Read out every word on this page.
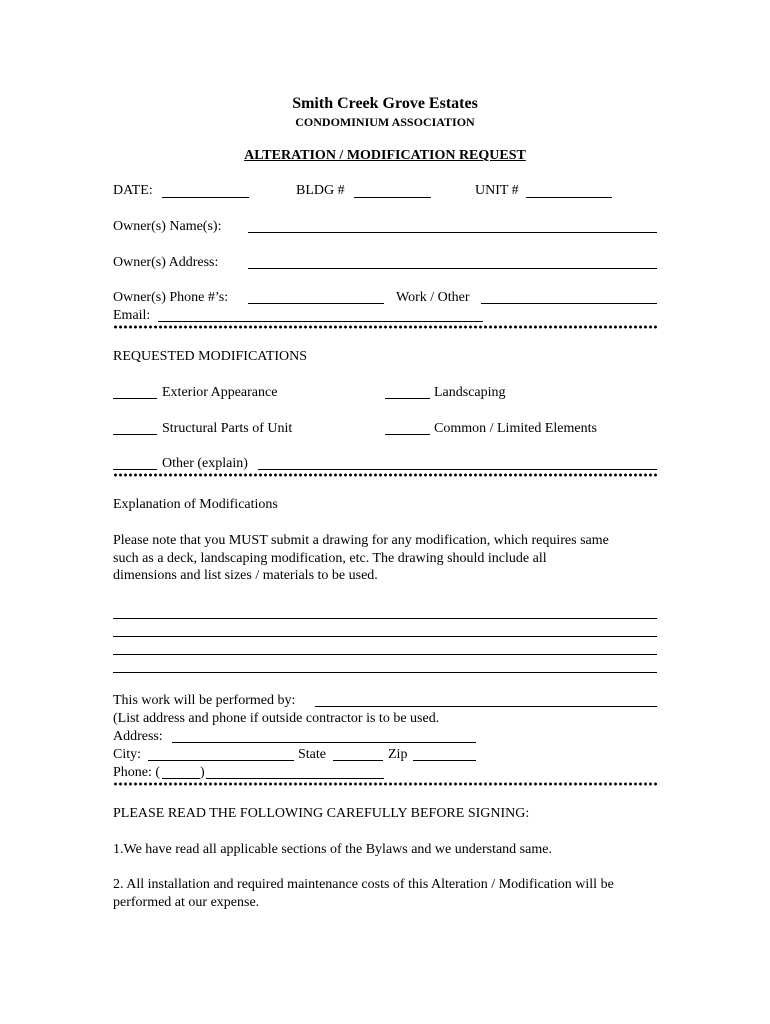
Smith Creek Grove Estates
CONDOMINIUM ASSOCIATION
ALTERATION / MODIFICATION REQUEST
DATE:	BLDG #	UNIT #
Owner(s) Name(s):
Owner(s) Address:
Owner(s) Phone #’s:	Work / Other
Email:
REQUESTED MODIFICATIONS
Exterior Appearance	Landscaping
Structural Parts of Unit	Common / Limited Elements
Other (explain)
Explanation of Modifications
Please note that you MUST submit a drawing for any modification, which requires same
such as a deck, landscaping modification, etc. The drawing should include all
dimensions and list sizes / materials to be used.
This work will be performed by:
(List address and phone if outside contractor is to be used.
Address:
City:	State	Zip
Phone: (	)
PLEASE READ THE FOLLOWING CAREFULLY BEFORE SIGNING:
1.We have read all applicable sections of the Bylaws and we understand same.
2. All installation and required maintenance costs of this Alteration / Modification will be
performed at our expense.
